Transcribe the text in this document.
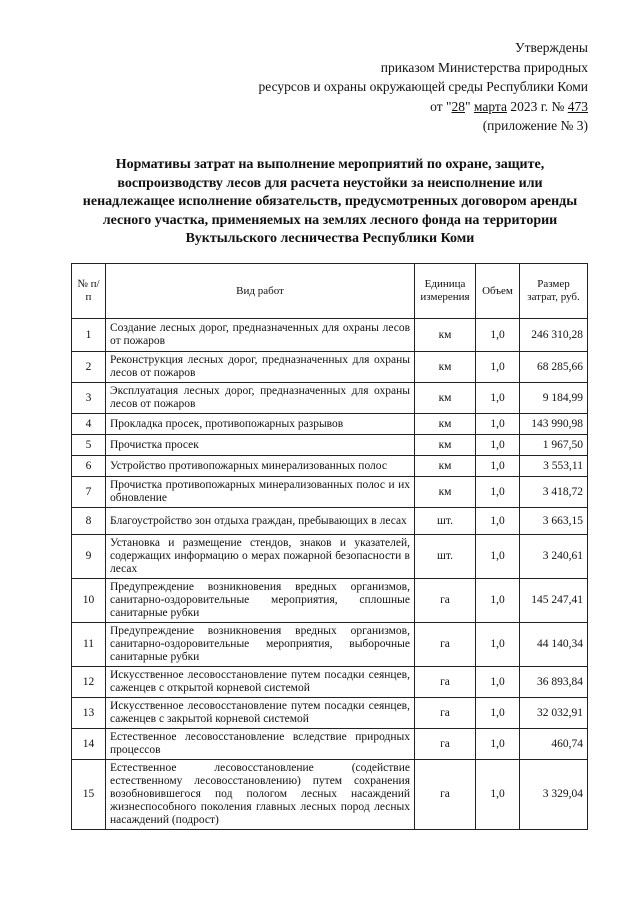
Утверждены
приказом Министерства природных
ресурсов и охраны окружающей среды Республики Коми
от "28" марта 2023 г. № 473
(приложение № 3)
Нормативы затрат на выполнение мероприятий по охране, защите, воспроизводству лесов для расчета неустойки за неисполнение или ненадлежащее исполнение обязательств, предусмотренных договором аренды лесного участка, применяемых на землях лесного фонда на территории Вуктыльского лесничества Республики Коми
№ п/п	Вид работ	Единица измерения	Объем	Размер затрат, руб.
1	Создание лесных дорог, предназначенных для охраны лесов от пожаров	км	1,0	246 310,28
2	Реконструкция лесных дорог, предназначенных для охраны лесов от пожаров	км	1,0	68 285,66
3	Эксплуатация лесных дорог, предназначенных для охраны лесов от пожаров	км	1,0	9 184,99
4	Прокладка просек, противопожарных разрывов	км	1,0	143 990,98
5	Прочистка просек	км	1,0	1 967,50
6	Устройство противопожарных минерализованных полос	км	1,0	3 553,11
7	Прочистка противопожарных минерализованных полос и их обновление	км	1,0	3 418,72
8	Благоустройство зон отдыха граждан, пребывающих в лесах	шт.	1,0	3 663,15
9	Установка и размещение стендов, знаков и указателей, содержащих информацию о мерах пожарной безопасности в лесах	шт.	1,0	3 240,61
10	Предупреждение возникновения вредных организмов, санитарно-оздоровительные мероприятия, сплошные санитарные рубки	га	1,0	145 247,41
11	Предупреждение возникновения вредных организмов, санитарно-оздоровительные мероприятия, выборочные санитарные рубки	га	1,0	44 140,34
12	Искусственное лесовосстановление путем посадки сеянцев, саженцев с открытой корневой системой	га	1,0	36 893,84
13	Искусственное лесовосстановление путем посадки сеянцев, саженцев с закрытой корневой системой	га	1,0	32 032,91
14	Естественное лесовосстановление вследствие природных процессов	га	1,0	460,74
15	Естественное лесовосстановление (содействие естественному лесовосстановлению) путем сохранения возобновившегося под пологом лесных насаждений жизнеспособного поколения главных лесных пород лесных насаждений (подрост)	га	1,0	3 329,04
